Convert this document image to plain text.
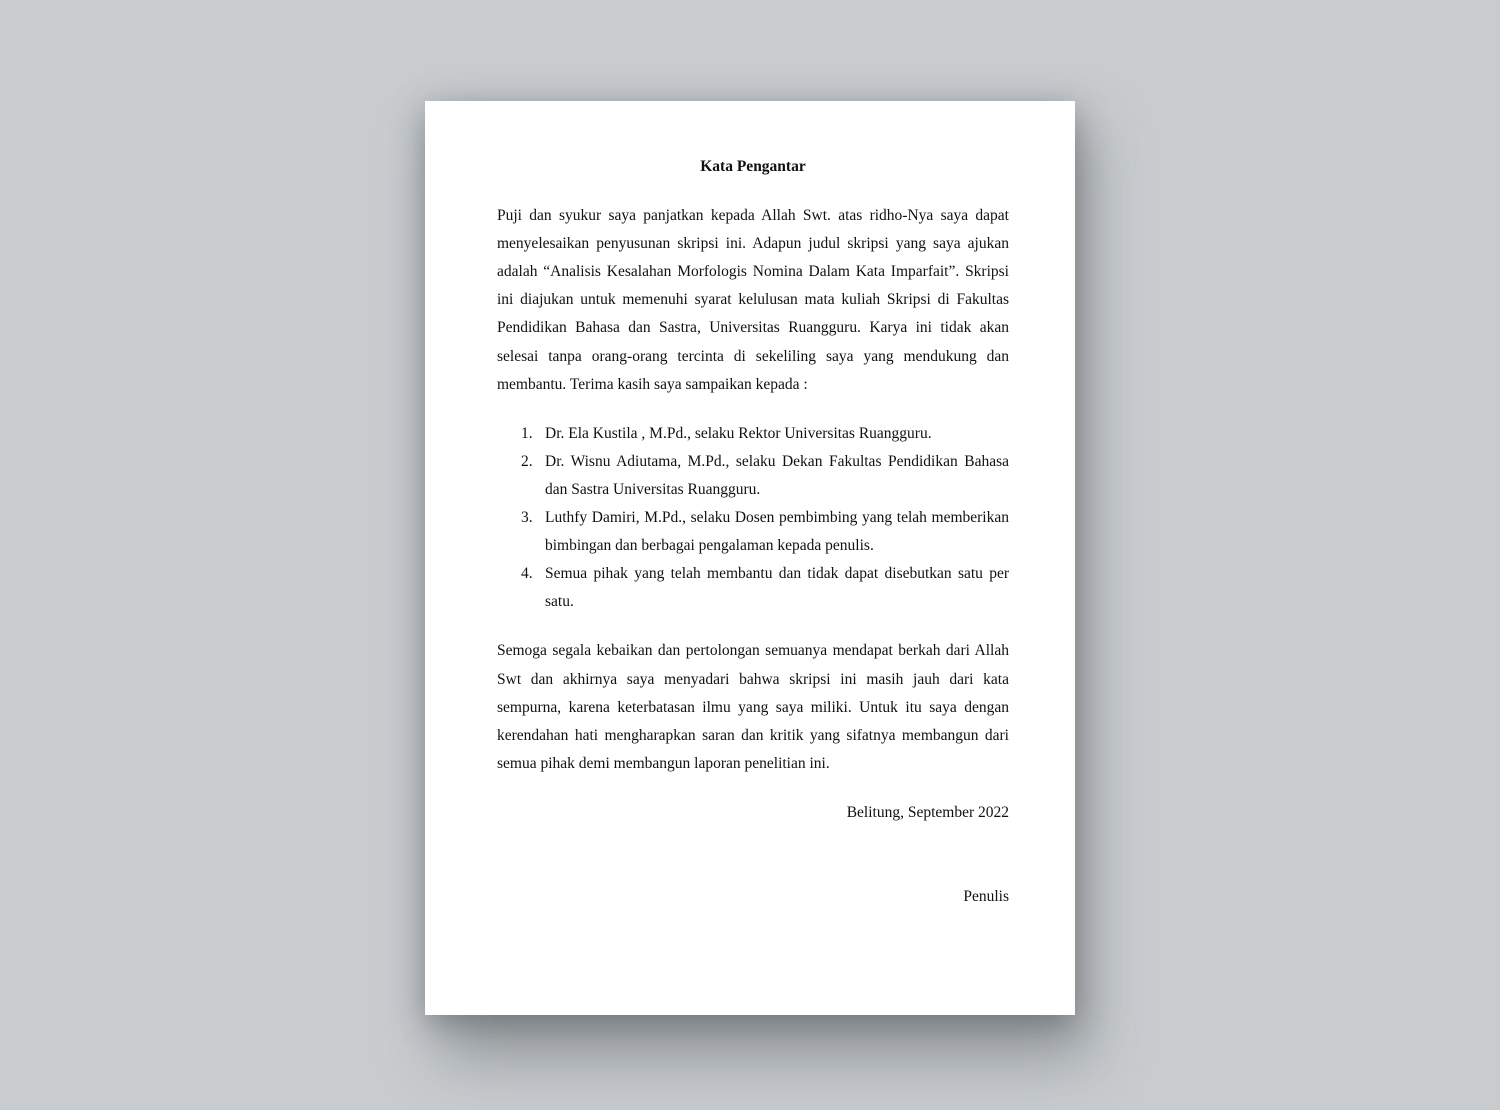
Kata Pengantar

Puji dan syukur saya panjatkan kepada Allah Swt. atas ridho-Nya saya dapat menyelesaikan penyusunan skripsi ini. Adapun judul skripsi yang saya ajukan adalah “Analisis Kesalahan Morfologis Nomina Dalam Kata Imparfait”. Skripsi ini diajukan untuk memenuhi syarat kelulusan mata kuliah Skripsi di Fakultas Pendidikan Bahasa dan Sastra, Universitas Ruangguru. Karya ini tidak akan selesai tanpa orang-orang tercinta di sekeliling saya yang mendukung dan membantu. Terima kasih saya sampaikan kepada :

1. Dr. Ela Kustila , M.Pd., selaku Rektor Universitas Ruangguru.
2. Dr. Wisnu Adiutama, M.Pd., selaku Dekan Fakultas Pendidikan Bahasa dan Sastra Universitas Ruangguru.
3. Luthfy Damiri, M.Pd., selaku Dosen pembimbing yang telah memberikan bimbingan dan berbagai pengalaman kepada penulis.
4. Semua pihak yang telah membantu dan tidak dapat disebutkan satu per satu.

Semoga segala kebaikan dan pertolongan semuanya mendapat berkah dari Allah Swt dan akhirnya saya menyadari bahwa skripsi ini masih jauh dari kata sempurna, karena keterbatasan ilmu yang saya miliki. Untuk itu saya dengan kerendahan hati mengharapkan saran dan kritik yang sifatnya membangun dari semua pihak demi membangun laporan penelitian ini.

Belitung, September 2022

Penulis
